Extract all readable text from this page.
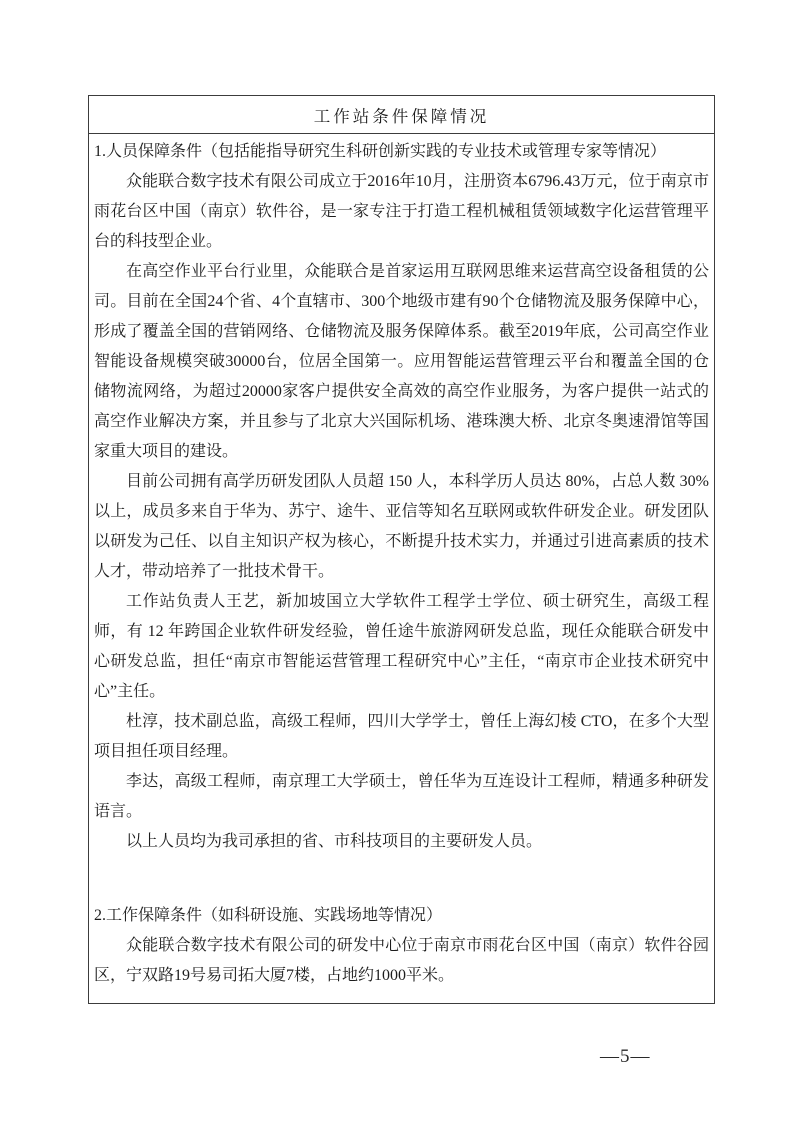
工作站条件保障情况

1.人员保障条件（包括能指导研究生科研创新实践的专业技术或管理专家等情况）

众能联合数字技术有限公司成立于2016年10月，注册资本6796.43万元，位于南京市雨花台区中国（南京）软件谷，是一家专注于打造工程机械租赁领域数字化运营管理平台的科技型企业。

在高空作业平台行业里，众能联合是首家运用互联网思维来运营高空设备租赁的公司。目前在全国24个省、4个直辖市、300个地级市建有90个仓储物流及服务保障中心，形成了覆盖全国的营销网络、仓储物流及服务保障体系。截至2019年底，公司高空作业智能设备规模突破30000台，位居全国第一。应用智能运营管理云平台和覆盖全国的仓储物流网络，为超过20000家客户提供安全高效的高空作业服务，为客户提供一站式的高空作业解决方案，并且参与了北京大兴国际机场、港珠澳大桥、北京冬奥速滑馆等国家重大项目的建设。

目前公司拥有高学历研发团队人员超 150 人，本科学历人员达 80%，占总人数 30%以上，成员多来自于华为、苏宁、途牛、亚信等知名互联网或软件研发企业。研发团队以研发为己任、以自主知识产权为核心，不断提升技术实力，并通过引进高素质的技术人才，带动培养了一批技术骨干。

工作站负责人王艺，新加坡国立大学软件工程学士学位、硕士研究生，高级工程师，有 12 年跨国企业软件研发经验，曾任途牛旅游网研发总监，现任众能联合研发中心研发总监，担任“南京市智能运营管理工程研究中心”主任，“南京市企业技术研究中心”主任。

杜淳，技术副总监，高级工程师，四川大学学士，曾任上海幻棱 CTO，在多个大型项目担任项目经理。

李达，高级工程师，南京理工大学硕士，曾任华为互连设计工程师，精通多种研发语言。

以上人员均为我司承担的省、市科技项目的主要研发人员。

2.工作保障条件（如科研设施、实践场地等情况）

众能联合数字技术有限公司的研发中心位于南京市雨花台区中国（南京）软件谷园区，宁双路19号易司拓大厦7楼，占地约1000平米。

—5—
